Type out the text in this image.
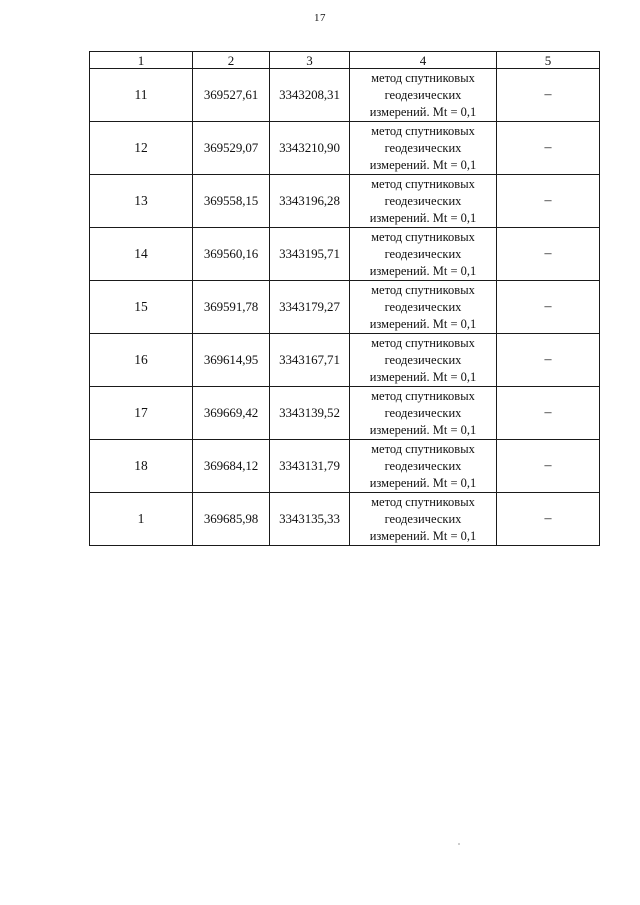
17
1	2	3	4	5
11	369527,61	3343208,31	метод спутниковых
геодезических
измерений. Mt = 0,1	–
12	369529,07	3343210,90	метод спутниковых
геодезических
измерений. Mt = 0,1	–
13	369558,15	3343196,28	метод спутниковых
геодезических
измерений. Mt = 0,1	–
14	369560,16	3343195,71	метод спутниковых
геодезических
измерений. Mt = 0,1	–
15	369591,78	3343179,27	метод спутниковых
геодезических
измерений. Mt = 0,1	–
16	369614,95	3343167,71	метод спутниковых
геодезических
измерений. Mt = 0,1	–
17	369669,42	3343139,52	метод спутниковых
геодезических
измерений. Mt = 0,1	–
18	369684,12	3343131,79	метод спутниковых
геодезических
измерений. Mt = 0,1	–
1	369685,98	3343135,33	метод спутниковых
геодезических
измерений. Mt = 0,1	–
